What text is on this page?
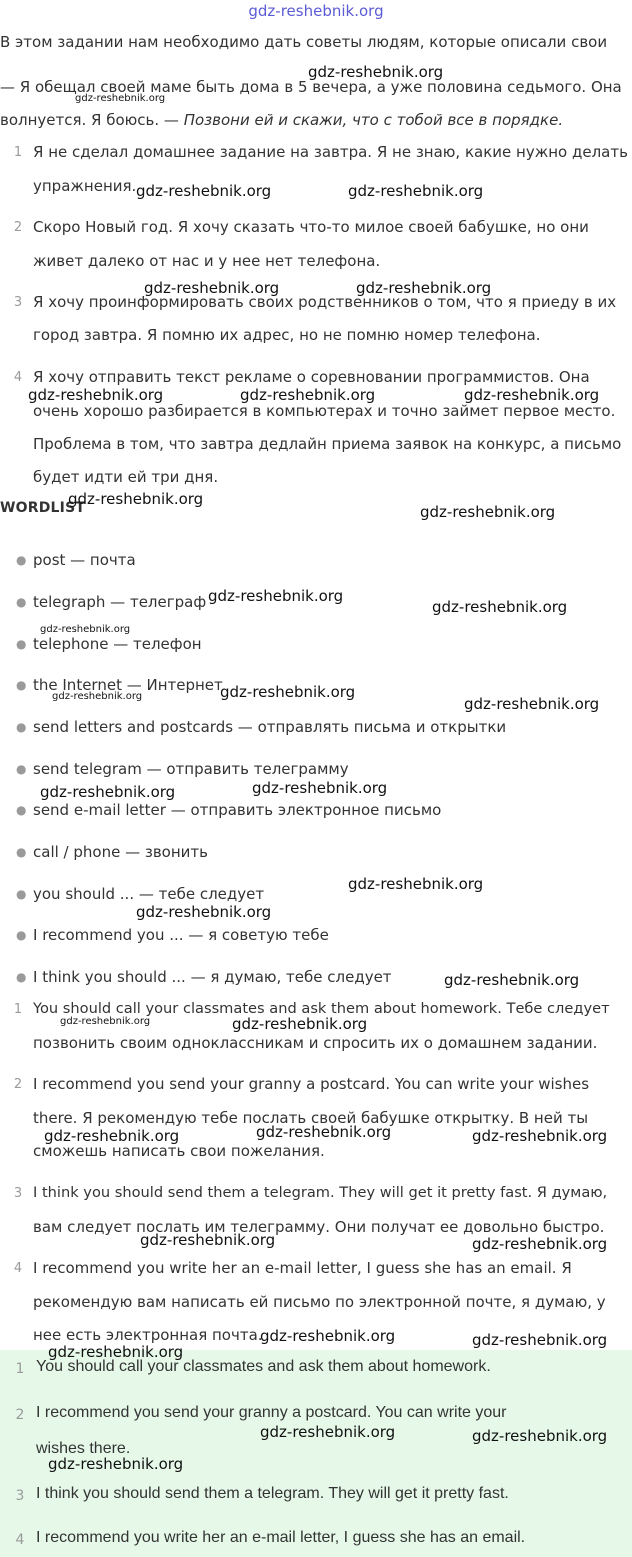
gdz-reshebnik.org
В этом задании нам необходимо дать советы людям, которые описали свои
— Я обещал своей маме быть дома в 5 вечера, а уже половина седьмого. Она
волнуется. Я боюсь. — Позвони ей и скажи, что с тобой все в порядке.
1 Я не сделал домашнее задание на завтра. Я не знаю, какие нужно делать
упражнения.
2 Скоро Новый год. Я хочу сказать что-то милое своей бабушке, но они
живет далеко от нас и у нее нет телефона.
3 Я хочу проинформировать своих родственников о том, что я приеду в их
город завтра. Я помню их адрес, но не помню номер телефона.
4 Я хочу отправить текст рекламе о соревновании программистов. Она
очень хорошо разбирается в компьютерах и точно займет первое место.
Проблема в том, что завтра дедлайн приема заявок на конкурс, а письмо
будет идти ей три дня.
WORDLIST
● post — почта
● telegraph — телеграф
● telephone — телефон
● the Internet — Интернет
● send letters and postcards — отправлять письма и открытки
● send telegram — отправить телеграмму
● send e-mail letter — отправить электронное письмо
● call / phone — звонить
● you should ... — тебе следует
● I recommend you ... — я советую тебе
● I think you should ... — я думаю, тебе следует
1 You should call your classmates and ask them about homework. Тебе следует
позвонить своим одноклассникам и спросить их о домашнем задании.
2 I recommend you send your granny a postcard. You can write your wishes
there. Я рекомендую тебе послать своей бабушке открытку. В ней ты
сможешь написать свои пожелания.
3 I think you should send them a telegram. They will get it pretty fast. Я думаю,
вам следует послать им телеграмму. Они получат ее довольно быстро.
4 I recommend you write her an e-mail letter, I guess she has an email. Я
рекомендую вам написать ей письмо по электронной почте, я думаю, у
нее есть электронная почта.
1 You should call your classmates and ask them about homework.
2 I recommend you send your granny a postcard. You can write your
wishes there.
3 I think you should send them a telegram. They will get it pretty fast.
4 I recommend you write her an e-mail letter, I guess she has an email.
gdz-reshebnik.org
gdz-reshebnik.org
gdz-reshebnik.org	gdz-reshebnik.org
gdz-reshebnik.org	gdz-reshebnik.org
gdz-reshebnik.org	gdz-reshebnik.org	gdz-reshebnik.org
gdz-reshebnik.org
gdz-reshebnik.org
gdz-reshebnik.org
gdz-reshebnik.org
gdz-reshebnik.org
gdz-reshebnik.org
gdz-reshebnik.org	gdz-reshebnik.org
gdz-reshebnik.org
gdz-reshebnik.org
gdz-reshebnik.org
gdz-reshebnik.org
gdz-reshebnik.org
gdz-reshebnik.org	gdz-reshebnik.org
gdz-reshebnik.org	gdz-reshebnik.org	gdz-reshebnik.org
gdz-reshebnik.org	gdz-reshebnik.org
gdz-reshebnik.org	gdz-reshebnik.org
gdz-reshebnik.org
gdz-reshebnik.org	gdz-reshebnik.org
gdz-reshebnik.org
